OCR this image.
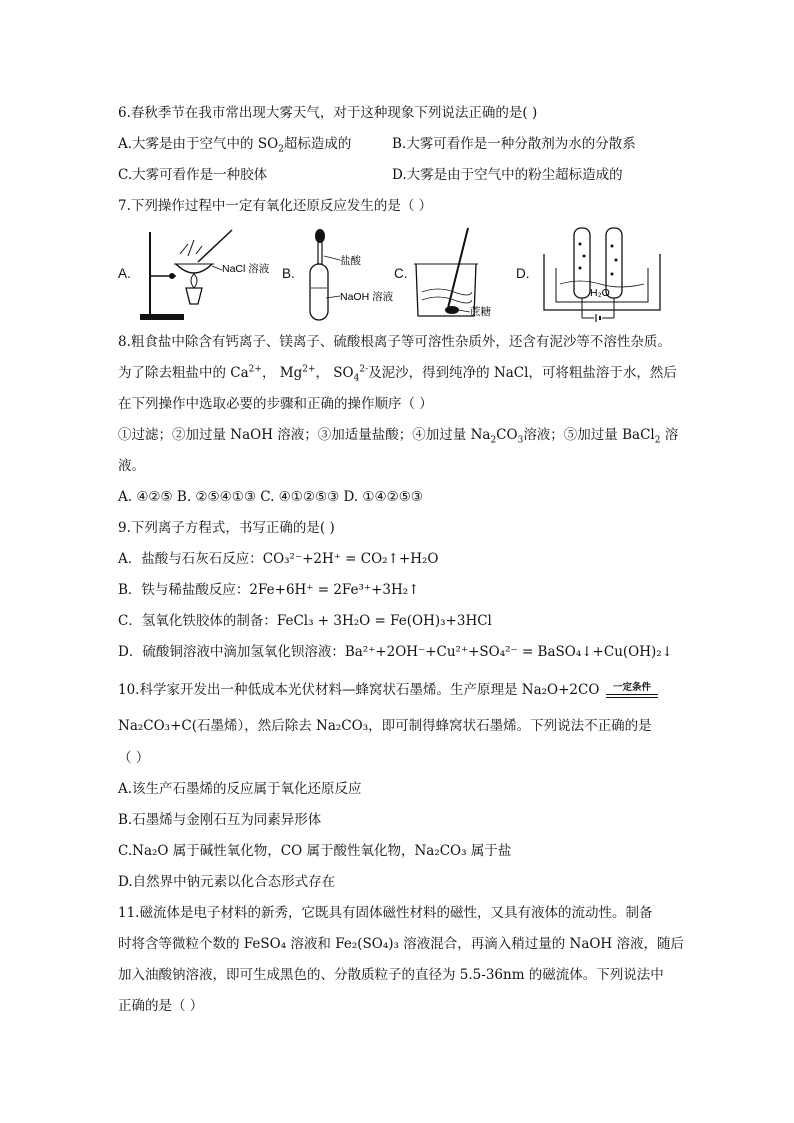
6.春秋季节在我市常出现大雾天气，对于这种现象下列说法正确的是( )
A.大雾是由于空气中的 $SO_2$超标造成的	B.大雾可看作是一种分散剂为水的分散系
C.大雾可看作是一种胶体	D.大雾是由于空气中的粉尘超标造成的
7.下列操作过程中一定有氧化还原反应发生的是（ ）
A.	B.	C.	D.
NaCl 溶液
盐酸
NaOH 溶液
蔗糖
H₂O
8.粗食盐中除含有钙离子、镁离子、硫酸根离子等可溶性杂质外，还含有泥沙等不溶性杂质。
为了除去粗盐中的 $Ca^{2+}$， $Mg^{2+}$， $SO_4^{2-}$及泥沙，得到纯净的 NaCl，可将粗盐溶于水，然后
在下列操作中选取必要的步骤和正确的操作顺序（ ）
①过滤；②加过量 NaOH 溶液；③加适量盐酸；④加过量 $Na_2CO_3$溶液；⑤加过量 BaCl$_2$ 溶
液。
A. ④②⑤ B. ②⑤④①③ C. ④①②⑤③ D. ①④②⑤③
9.下列离子方程式，书写正确的是( )
A．盐酸与石灰石反应：CO₃²⁻+2H⁺ = CO₂↑+H₂O
B．铁与稀盐酸反应：2Fe+6H⁺ = 2Fe³⁺+3H₂↑
C．氢氧化铁胶体的制备：FeCl₃ + 3H₂O = Fe(OH)₃+3HCl
D．硫酸铜溶液中滴加氢氧化钡溶液：Ba²⁺+2OH⁻+Cu²⁺+SO₄²⁻ = BaSO₄↓+Cu(OH)₂↓
10.科学家开发出一种低成本光伏材料—蜂窝状石墨烯。生产原理是 Na₂O+2CO	一定条件
Na₂CO₃+C(石墨烯），然后除去 Na₂CO₃，即可制得蜂窝状石墨烯。下列说法不正确的是
（ ）
A.该生产石墨烯的反应属于氧化还原反应
B.石墨烯与金刚石互为同素异形体
C.Na₂O 属于碱性氧化物，CO 属于酸性氧化物，Na₂CO₃ 属于盐
D.自然界中钠元素以化合态形式存在
11.磁流体是电子材料的新秀，它既具有固体磁性材料的磁性，又具有液体的流动性。制备
时将含等微粒个数的 FeSO₄ 溶液和 Fe₂(SO₄)₃ 溶液混合，再滴入稍过量的 NaOH 溶液，随后
加入油酸钠溶液，即可生成黑色的、分散质粒子的直径为 5.5-36nm 的磁流体。下列说法中
正确的是（ ）
